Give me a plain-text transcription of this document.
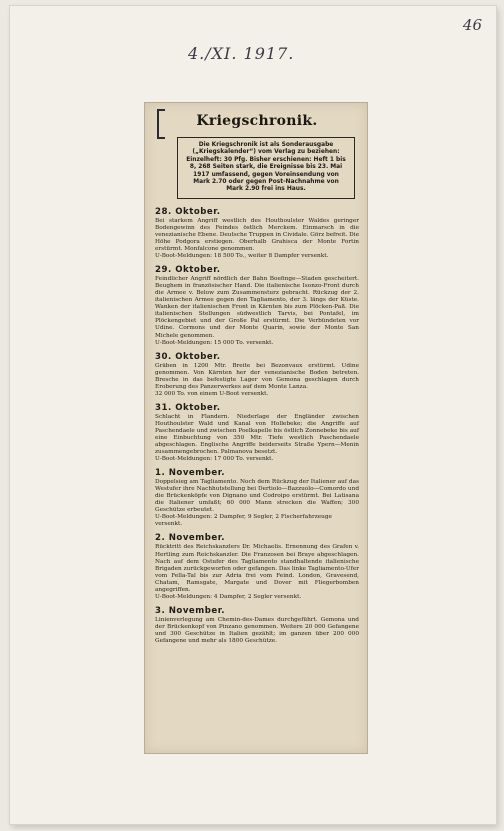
46
4./XI. 1917.
Kriegschronik.
Die Kriegschronik ist als Sonderausgabe („Kriegskalender“) vom Verlag zu beziehen: Einzelheft: 30 Pfg. Bisher erschienen: Heft 1 bis 8, 268 Seiten stark, die Ereignisse bis 23. Mai 1917 umfassend, gegen Voreinsendung von Mark 2.70 oder gegen Post-Nachnahme von Mark 2.90 frei ins Haus.
28. Oktober.
Bei starkem Angriff westlich des Houthoulster Waldes geringer Bodengewinn des Feindes östlich Merckem. Einmarsch in die venezianische Ebene. Deutsche Truppen in Cividale. Görz befreit. Die Höhe Podgora erstiegen. Oberhalb Grahisca der Monte Fortin erstürmt. Monfalcone genommen.
U-Boot-Meldungen: 18 500 To., weiter 8 Dampfer versenkt.
29. Oktober.
Feindlicher Angriff nördlich der Bahn Boefinge—Staden gescheitert. Beughem in französischer Hand. Die italienische Isonzo-Front durch die Armee v. Below zum Zusammensturz gebracht. Rückzug der 2. italienischen Armee gegen den Tagliamento, der 3. längs der Küste. Wanken der italienischen Front in Kärnten bis zum Plöcken-Paß. Die italienischen Stellungen südwestlich Tarvis, bei Pontafel, im Plöckengebiet und der Große Pal erstürmt. Die Verbündeten vor Udine. Cormons und der Monte Quarin, sowie der Monte San Michele genommen.
U-Boot-Meldungen: 15 000 To. versenkt.
30. Oktober.
Gräben in 1200 Mtr. Breite bei Bezonvaux erstürmt. Udine genommen. Von Kärnten her der venezianische Boden betreten. Bresche in das befestigte Lager von Gemona geschlagen durch Eroberung des Panzerwerkes auf dem Monte Lanza.
32 000 To. von einem U-Boot versenkt.
31. Oktober.
Schlacht in Flandern. Niederlage der Engländer zwischen Houthoulster Wald und Kanal von Hollebeke; die Angriffe auf Paschendaele und zwischen Poelkapelle bis östlich Zonnebeke bis auf eine Einbuchtung von 350 Mtr. Tiefe westlich Paschendaele abgeschlagen. Englische Angriffe beiderseits Straße Ypern—Menin zusammengebrochen. Palmanova besetzt.
U-Boot-Meldungen: 17 000 To. versenkt.
1. November.
Doppelsieg am Tagliamento. Noch dem Rückzug der Italiener auf das Westufer ihre Nachhutstellung bei Dertiolo—Bazzuolo—Comordo und die Brückenköpfe von Dignano und Codroipo erstürmt. Bei Latisana die Italiener umfaßt; 60 000 Mann strecken die Waffen; 300 Geschütze erbeutet.
U-Boot-Meldungen: 2 Dampfer, 9 Segler, 2 Fischerfahrzeuge versenkt.
2. November.
Rücktritt des Reichskanzlers Dr. Michaelis. Ernennung des Grafen v. Hertling zum Reichskanzler. Die Franzosen bei Braye abgeschlagen. Nach auf dem Ostufer des Tagliamento standhaltende italienische Brigaden zurückgeworfen oder gefangen. Das linke Tagliamento-Ufer vom Fella-Tal bis zur Adria frei vom Feind. London, Gravesend, Chatam, Ramsgate, Margate und Dover mit Fliegerbomben angegriffen.
U-Boot-Meldungen: 4 Dampfer, 2 Segler versenkt.
3. November.
Linienverlegung am Chemin-des-Dames durchgeführt. Gemona und der Brückenkopf von Pinzano genommen. Weitere 20 000 Gefangene und 300 Geschütze in Italien gezählt; im ganzen über 200 000 Gefangene und mehr als 1800 Geschütze.
